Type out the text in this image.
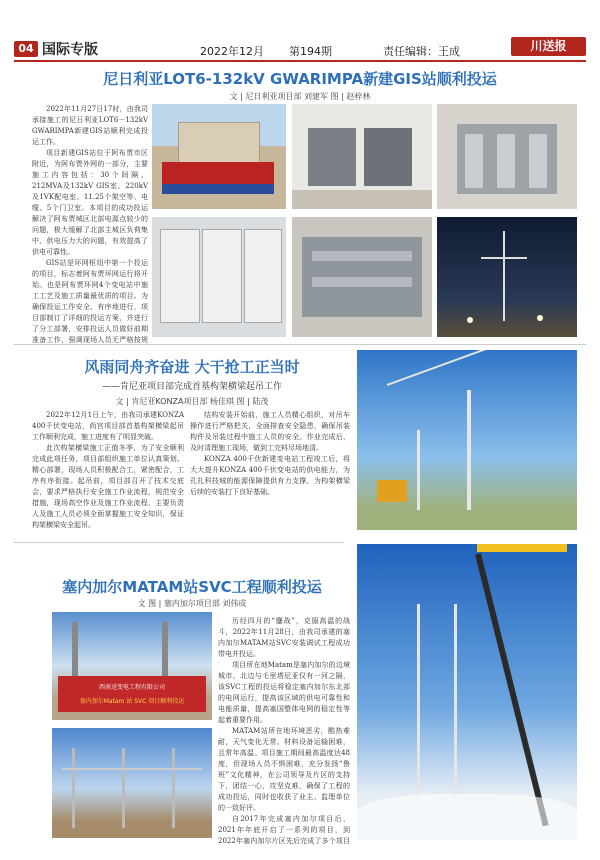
04 国际专版	2022年12月 第194期	责任编辑：王成	川送报
尼日利亚LOT6-132kV GWARIMPA新建GIS站顺利投运
文 | 尼日利亚项目部 刘建军 图 | 赵梓林

2022年11月27日17时，由我司承接施工的尼日利亚LOT6－132kV GWARIMPA新建GIS站顺利完成投运工作。

项目新建GIS站位于阿布贾市区附近，为阿布贾外网的一部分，主要施工内容包括：30个间隔、212MVA及132kV GIS室、220kV及1VK配电室、11.25个架空等、电缆、5个门卫室。本项目的成功投运解决了阿布贾城区北部电源点较少的问题，极大缓解了北部主城区负荷集中、供电压力大的问题，有效提高了供电可靠性。

GIS站是环网枢纽中第一个投运的项目，标志着阿布贾环网运行将开始。也是阿布贾环网4个变电站中施工工艺及施工质量最优质的项目。为确保投运工作安全、有序地进行，项目部制订了详细的投运方案，并进行了分工部署，安排投运人员做好前期准备工作，强调现场人员无严格按规

风雨同舟齐奋进 大干抢工正当时
——肯尼亚项目部完成首基构架横梁起吊工作
文 | 肯尼亚KONZA项目部 杨佳琪 图 | 陆茂

2022年12月1日上午，由我司承建KONZA 400千伏变电站，尚宫项目部首基构架横梁起吊工作顺利完成，施工进度有了明显突破。

此次构架横梁施工正值冬季，为了安全顺利完成此项任务，项目部组织施工单位认真策划、精心部署，现场人员积极配合工，紧密配合，工序有序衔接。起吊前，项目部召开了技术交底会，要求严格执行安全施工作业流程，规范安全措施，现场高空作业及施工作业流程，主要负责人及施工人员必须全面掌握施工安全知识，保证构架横梁安全起吊。

结构安装开始前，施工人员精心组织，对吊车操作进行严格把关，全面排查安全隐患，确保吊装构件及吊装过程中施工人员的安全。作业完成后，及时清理施工现场，做到工完料尽场地清。

KONZA 400千伏新建变电站工程竣工后，将大大提升KONZA 400千伏变电站的供电能力，为孔扎科技城的能源保障提供有力支撑，为构架横梁后续的安装打下良好基础。

塞内加尔MATAM站SVC工程顺利投运
文 图 | 塞内加尔项目部 刘伟成
西南送变电工程有限公司
塞内加尔Matam 站 SVC 项目顺利投运

历经四月的“鏖战”，克服高温的战斗，2022年11月28日，由我司承建的塞内加尔MATAM站SVC安装调试工程成功带电并投运。

项目所在地Matam是塞内加尔的边境城市，北边与毛里塔尼亚仅有一河之隔，该SVC工程的投运将稳定塞内加尔东北部的电网运行，提高该区域的供电可靠性和电能质量，提高塞国整体电网的稳定性等起着重要作用。

MATAM站所在地环境恶劣，酷热难耐，天气变化无常。材料设备运输困难，且常年高温。项目施工期间最高温度达48度，但现场人员不惧困难，充分发扬“鲁班”文化精神，在公司领导及片区的支持下，团结一心，攻坚克难，确保了工程的成功投运，同时也收获了业主、监理单位的一致好评。

自2017年完成塞内加尔项目后，2021年年底开启了一系列的项目，到2022年塞内加尔片区先后完成了多个项目
